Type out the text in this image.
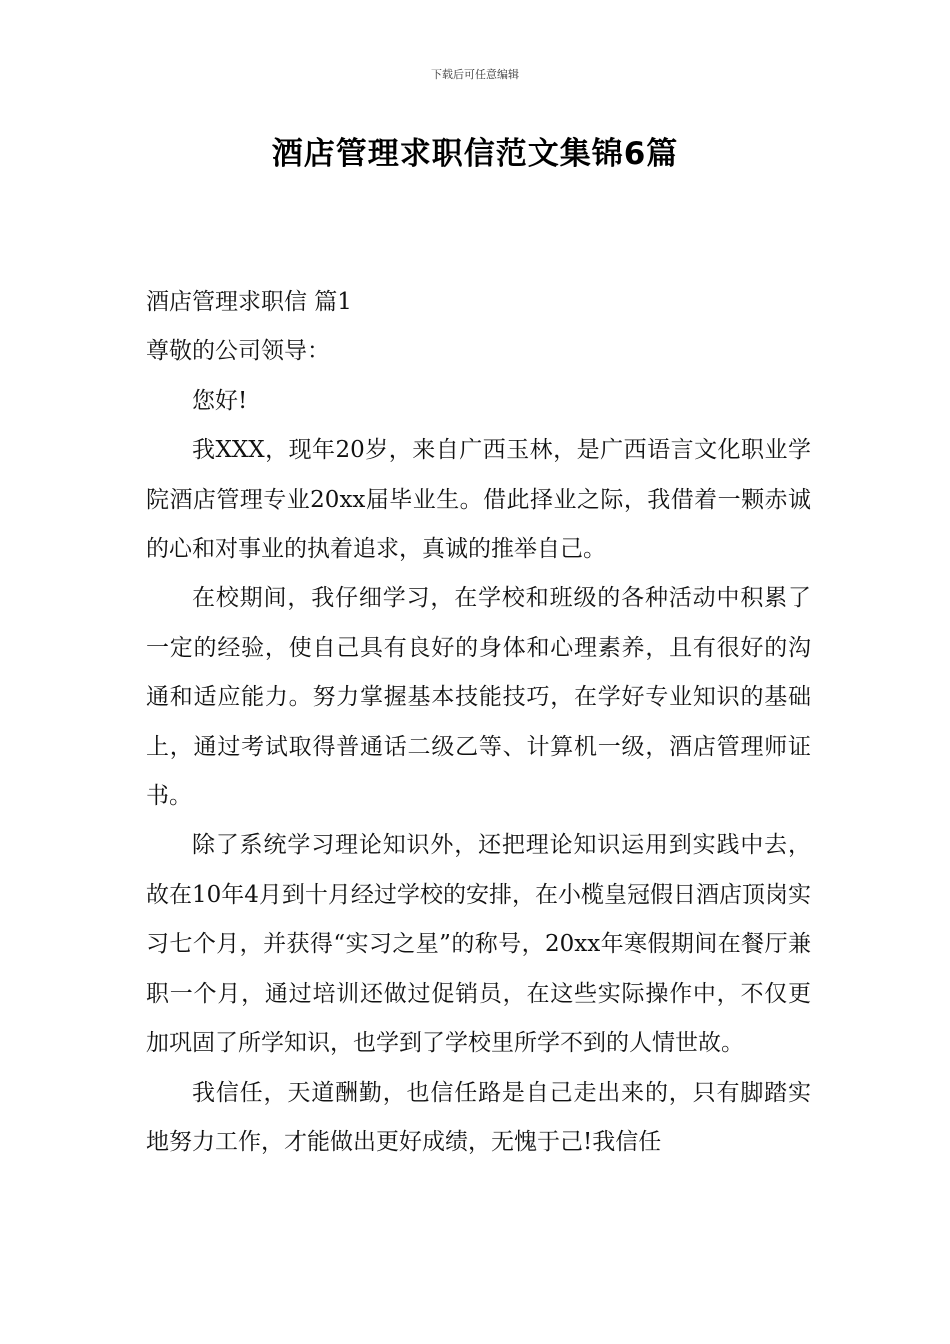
下载后可任意编辑
酒店管理求职信范文集锦6篇

酒店管理求职信 篇1

尊敬的公司领导：

您好!

我XXX，现年20岁，来自广西玉林，是广西语言文化职业学院酒店管理专业20xx届毕业生。借此择业之际，我借着一颗赤诚的心和对事业的执着追求，真诚的推举自己。

在校期间，我仔细学习，在学校和班级的各种活动中积累了一定的经验，使自己具有良好的身体和心理素养，且有很好的沟通和适应能力。努力掌握基本技能技巧，在学好专业知识的基础上，通过考试取得普通话二级乙等、计算机一级，酒店管理师证书。

除了系统学习理论知识外，还把理论知识运用到实践中去，故在10年4月到十月经过学校的安排，在小榄皇冠假日酒店顶岗实习七个月，并获得“实习之星”的称号，20xx年寒假期间在餐厅兼职一个月，通过培训还做过促销员，在这些实际操作中，不仅更加巩固了所学知识，也学到了学校里所学不到的人情世故。

我信任，天道酬勤，也信任路是自己走出来的，只有脚踏实地努力工作，才能做出更好成绩，无愧于己!我信任
